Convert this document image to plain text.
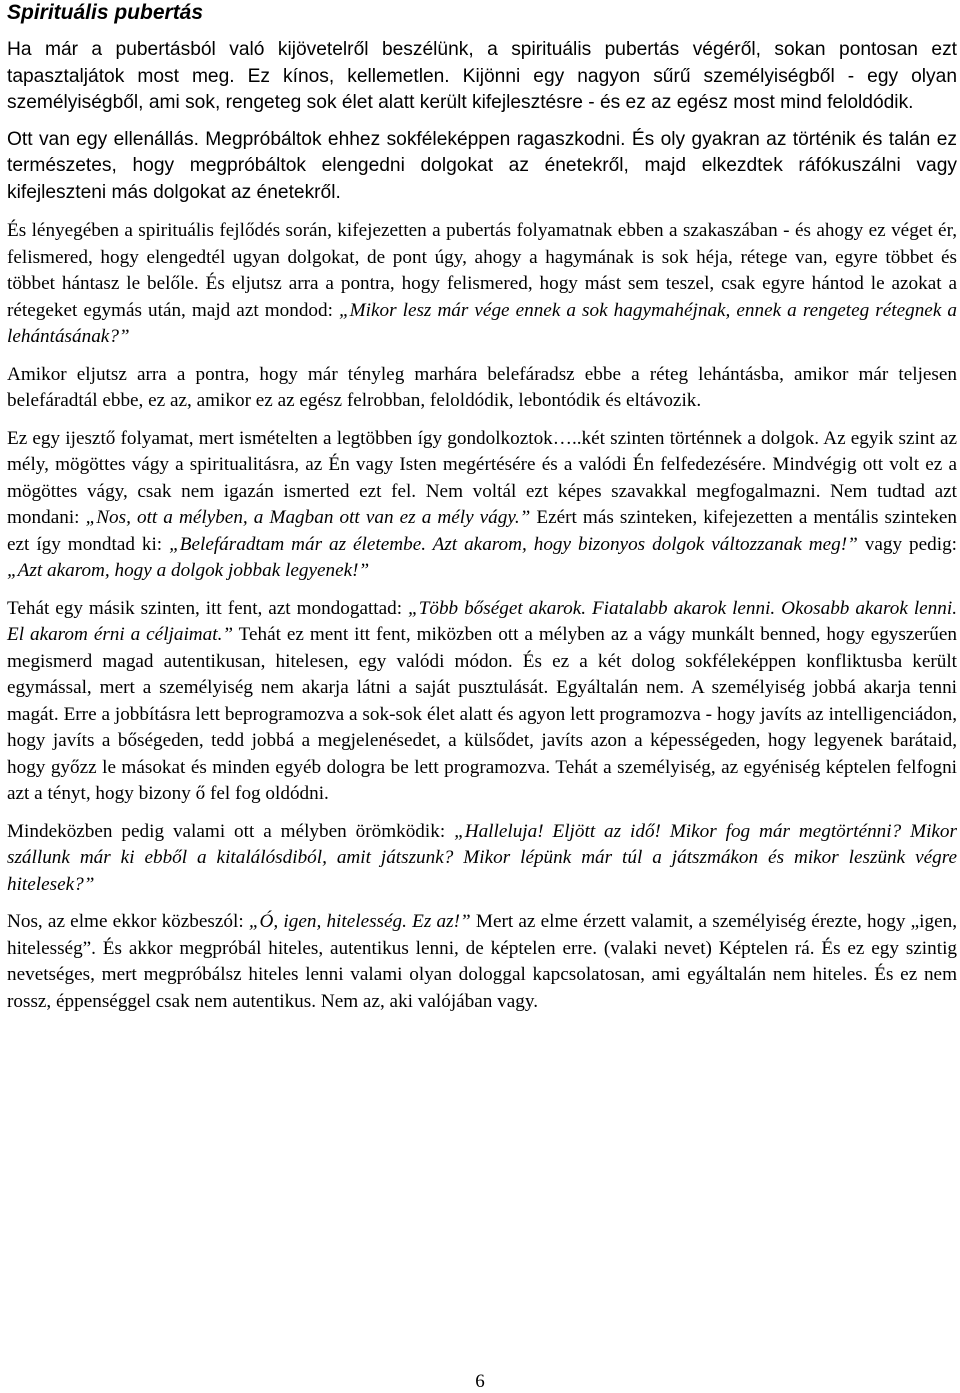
Spirituális pubertás

Ha már a pubertásból való kijövetelről beszélünk, a spirituális pubertás végéről, sokan pontosan ezt tapasztaljátok most meg. Ez kínos, kellemetlen. Kijönni egy nagyon sűrű személyiségből - egy olyan személyiségből, ami sok, rengeteg sok élet alatt került kifejlesztésre - és ez az egész most mind feloldódik.

Ott van egy ellenállás. Megpróbáltok ehhez sokféleképpen ragaszkodni. És oly gyakran az történik és talán ez természetes, hogy megpróbáltok elengedni dolgokat az énetekről, majd elkezdtek ráfókuszálni vagy kifejleszteni más dolgokat az énetekről.

És lényegében a spirituális fejlődés során, kifejezetten a pubertás folyamatnak ebben a szakaszában - és ahogy ez véget ér, felismered, hogy elengedtél ugyan dolgokat, de pont úgy, ahogy a hagymának is sok héja, rétege van, egyre többet és többet hántasz le belőle. És eljutsz arra a pontra, hogy felismered, hogy mást sem teszel, csak egyre hántod le azokat a rétegeket egymás után, majd azt mondod: „Mikor lesz már vége ennek a sok hagymahéjnak, ennek a rengeteg rétegnek a lehántásának?”

Amikor eljutsz arra a pontra, hogy már tényleg marhára belefáradsz ebbe a réteg lehántásba, amikor már teljesen belefáradtál ebbe, ez az, amikor ez az egész felrobban, feloldódik, lebontódik és eltávozik.

Ez egy ijesztő folyamat, mert ismételten a legtöbben így gondolkoztok…..két szinten történnek a dolgok. Az egyik szint az mély, mögöttes vágy a spiritualitásra, az Én vagy Isten megértésére és a valódi Én felfedezésére. Mindvégig ott volt ez a mögöttes vágy, csak nem igazán ismerted ezt fel. Nem voltál ezt képes szavakkal megfogalmazni. Nem tudtad azt mondani: „Nos, ott a mélyben, a Magban ott van ez a mély vágy.” Ezért más szinteken, kifejezetten a mentális szinteken ezt így mondtad ki: „Belefáradtam már az életembe. Azt akarom, hogy bizonyos dolgok változzanak meg!” vagy pedig: „Azt akarom, hogy a dolgok jobbak legyenek!”

Tehát egy másik szinten, itt fent, azt mondogattad: „Több bőséget akarok. Fiatalabb akarok lenni. Okosabb akarok lenni. El akarom érni a céljaimat.” Tehát ez ment itt fent, miközben ott a mélyben az a vágy munkált benned, hogy egyszerűen megismerd magad autentikusan, hitelesen, egy valódi módon. És ez a két dolog sokféleképpen konfliktusba került egymással, mert a személyiség nem akarja látni a saját pusztulását. Egyáltalán nem. A személyiség jobbá akarja tenni magát. Erre a jobbításra lett beprogramozva a sok-sok élet alatt és agyon lett programozva - hogy javíts az intelligenciádon, hogy javíts a bőségeden, tedd jobbá a megjelenésedet, a külsődet, javíts azon a képességeden, hogy legyenek barátaid, hogy győzz le másokat és minden egyéb dologra be lett programozva. Tehát a személyiség, az egyéniség képtelen felfogni azt a tényt, hogy bizony ő fel fog oldódni.

Mindeközben pedig valami ott a mélyben örömködik: „Halleluja! Eljött az idő! Mikor fog már megtörténni? Mikor szállunk már ki ebből a kitalálósdiból, amit játszunk? Mikor lépünk már túl a játszmákon és mikor leszünk végre hitelesek?”

Nos, az elme ekkor közbeszól: „Ó, igen, hitelesség. Ez az!” Mert az elme érzett valamit, a személyiség érezte, hogy „igen, hitelesség”. És akkor megpróbál hiteles, autentikus lenni, de képtelen erre. (valaki nevet) Képtelen rá. És ez egy szintig nevetséges, mert megpróbálsz hiteles lenni valami olyan dologgal kapcsolatosan, ami egyáltalán nem hiteles. És ez nem rossz, éppenséggel csak nem autentikus. Nem az, aki valójában vagy.

6
